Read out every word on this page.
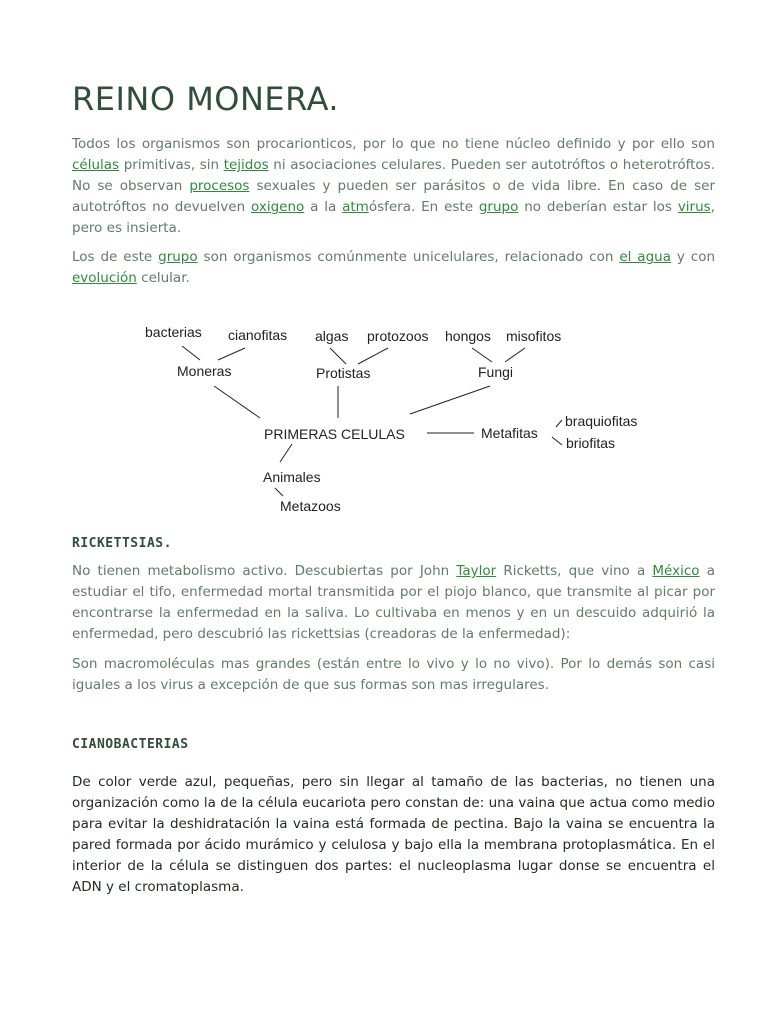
REINO MONERA.

Todos los organismos son procarionticos, por lo que no tiene núcleo definido y por ello son células primitivas, sin tejidos ni asociaciones celulares. Pueden ser autotróftos o heterotróftos. No se observan procesos sexuales y pueden ser parásitos o de vida libre. En caso de ser autotróftos no devuelven oxigeno a la atmósfera. En este grupo no deberían estar los virus, pero es insierta.

Los de este grupo son organismos comúnmente unicelulares, relacionado con el agua y con evolución celular.

bacterias cianofitas algas protozoos hongos misofitos
Moneras	Protistas	Fungi
PRIMERAS CELULAS	Metafitas
braquiofitas
briofitas
Animales
Metazoos
RICKETTSIAS.

No tienen metabolismo activo. Descubiertas por John Taylor Ricketts, que vino a México a estudiar el tifo, enfermedad mortal transmitida por el piojo blanco, que transmite al picar por encontrarse la enfermedad en la saliva. Lo cultivaba en menos y en un descuido adquirió la enfermedad, pero descubrió las rickettsias (creadoras de la enfermedad):

Son macromoléculas mas grandes (están entre lo vivo y lo no vivo). Por lo demás son casi iguales a los virus a excepción de que sus formas son mas irregulares.

CIANOBACTERIAS

De color verde azul, pequeñas, pero sin llegar al tamaño de las bacterias, no tienen una organización como la de la célula eucariota pero constan de: una vaina que actua como medio para evitar la deshidratación la vaina está formada de pectina. Bajo la vaina se encuentra la pared formada por ácido murámico y celulosa y bajo ella la membrana protoplasmática. En el interior de la célula se distinguen dos partes: el nucleoplasma lugar donse se encuentra el ADN y el cromatoplasma.
